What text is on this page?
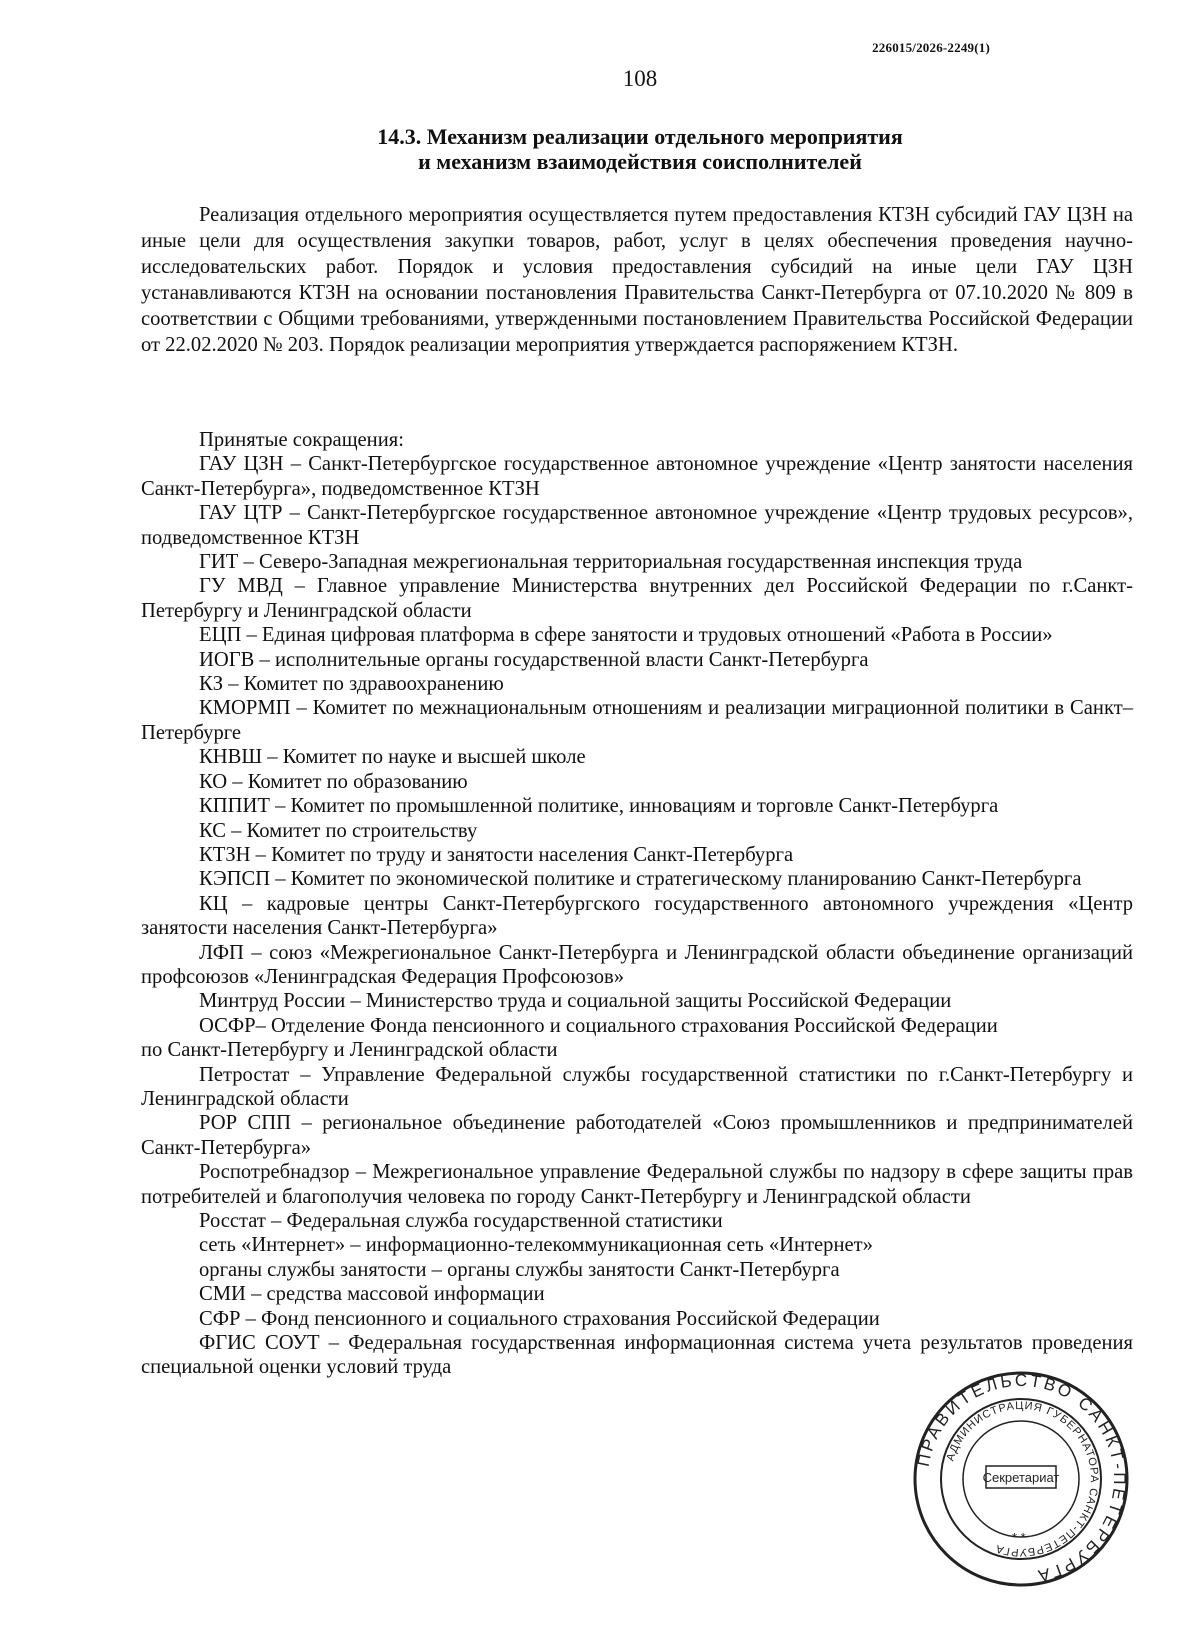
226015/2026-2249(1)
108
14.3. Механизм реализации отдельного мероприятия
и механизм взаимодействия соисполнителей

Реализация отдельного мероприятия осуществляется путем предоставления КТЗН субсидий ГАУ ЦЗН на иные цели для осуществления закупки товаров, работ, услуг в целях обеспечения проведения научно-исследовательских работ. Порядок и условия предоставления субсидий на иные цели ГАУ ЦЗН устанавливаются КТЗН на основании постановления Правительства Санкт-Петербурга от 07.10.2020 № 809 в соответствии с Общими требованиями, утвержденными постановлением Правительства Российской Федерации от 22.02.2020 № 203. Порядок реализации мероприятия утверждается распоряжением КТЗН.

Принятые сокращения:

ГАУ ЦЗН – Санкт-Петербургское государственное автономное учреждение «Центр занятости населения Санкт-Петербурга», подведомственное КТЗН

ГАУ ЦТР – Санкт-Петербургское государственное автономное учреждение «Центр трудовых ресурсов», подведомственное КТЗН

ГИТ – Северо-Западная межрегиональная территориальная государственная инспекция труда

ГУ МВД – Главное управление Министерства внутренних дел Российской Федерации по г.Санкт-Петербургу и Ленинградской области

ЕЦП – Единая цифровая платформа в сфере занятости и трудовых отношений «Работа в России»

ИОГВ – исполнительные органы государственной власти Санкт-Петербурга

КЗ – Комитет по здравоохранению

КМОРМП – Комитет по межнациональным отношениям и реализации миграционной политики в Санкт–Петербурге

КНВШ – Комитет по науке и высшей школе

КО – Комитет по образованию

КППИТ – Комитет по промышленной политике, инновациям и торговле Санкт-Петербурга

КС – Комитет по строительству

КТЗН – Комитет по труду и занятости населения Санкт-Петербурга

КЭПСП – Комитет по экономической политике и стратегическому планированию Санкт-Петербурга

КЦ – кадровые центры Санкт-Петербургского государственного автономного учреждения «Центр занятости населения Санкт-Петербурга»

ЛФП – союз «Межрегиональное Санкт-Петербурга и Ленинградской области объединение организаций профсоюзов «Ленинградская Федерация Профсоюзов»

Минтруд России – Министерство труда и социальной защиты Российской Федерации

ОСФР– Отделение Фонда пенсионного и социального страхования Российской Федерации

по Санкт-Петербургу и Ленинградской области

Петростат – Управление Федеральной службы государственной статистики по г.Санкт-Петербургу и Ленинградской области

РОР СПП – региональное объединение работодателей «Союз промышленников и предпринимателей Санкт-Петербурга»

Роспотребнадзор – Межрегиональное управление Федеральной службы по надзору в сфере защиты прав потребителей и благополучия человека по городу Санкт-Петербургу и Ленинградской области

Росстат – Федеральная служба государственной статистики

сеть «Интернет» – информационно-телекоммуникационная сеть «Интернет»

органы службы занятости – органы службы занятости Санкт-Петербурга

СМИ – средства массовой информации

СФР – Фонд пенсионного и социального страхования Российской Федерации

ФГИС СОУТ – Федеральная государственная информационная система учета результатов проведения специальной оценки условий труда

ПРАВИТЕЛЬСТВО САНКТ-ПЕТЕРБУРГА
АДМИНИСТРАЦИЯ ГУБЕРНАТОРА САНКТ-ПЕТЕРБУРГА
Секретариат
* *
